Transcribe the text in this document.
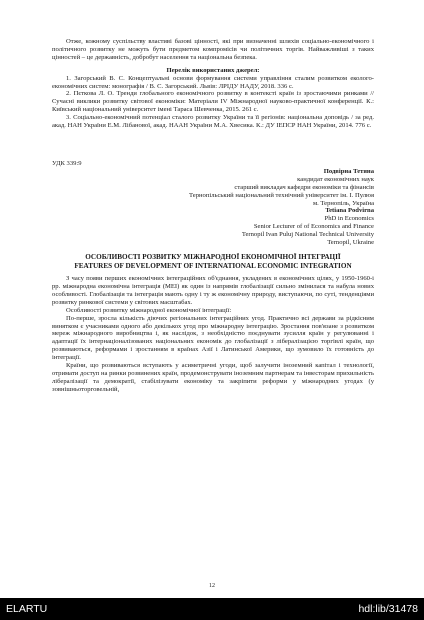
Отже, кожному суспільству властиві базові цінності, які при визначенні шляхів соціально-економічного і політичного розвитку не можуть бути предметом компромісів чи політичних торгів. Найважливіші з таких цінностей – це державність, добробут населення та національна безпека.

Перелік використаних джерел:

1. Загорський В. С. Концептуальні основи формування системи управління сталим розвитком еколого-економічних систем: монографія / В. С. Загорський. Львів: ЛРІДУ НАДУ, 2018. 336 с.

2. Пєткова Л. О. Тренди глобального економічного розвитку в контексті країн із зростаючими ринками // Сучасні виклики розвитку світової економіки: Матеріали IV Міжнародної науково-практичної конференції. К.: Київський національний університет імені Тараса Шевченка, 2015. 261 с.

3. Соціально-економічний потенціал сталого розвитку України та її регіонів: національна доповідь / за ред. акад. НАН України Е.М. Лібанової, акад. НААН України М.А. Хвесика. К.: ДУ ІЕПСР НАН України, 2014. 776 с.

УДК 339:9

Подвірна Тетяна

кандидат економічних наук

старший викладач кафедри економіки та фінансів

Тернопільський національний технічний університет ім. І. Пулюя

м. Тернопіль, Україна

Tetiana Podvirna

PhD in Economics

Senior Lecturer of of Economics and Finance

Ternopil Ivan Puluj National Technical University

Ternopil, Ukraine

ОСОБЛИВОСТІ РОЗВИТКУ МІЖНАРОДНОЇ ЕКОНОМІЧНОЇ ІНТЕГРАЦІЇ

FEATURES OF DEVELOPMENT OF INTERNATIONAL ECONOMIC INTEGRATION

З часу появи перших економічних інтеграційних об'єднання, укладених в економічних цілях, у 1950-1960-і рр. міжнародна економічна інтеграція (МЕІ) як один із напрямів глобалізації сильно змінилася та набула нових особливості. Глобалізація та інтеграція мають одну і ту ж економічну природу, виступаючи, по суті, тенденціями розвитку ринкової системи у світових масштабах.

Особливості розвитку міжнародної економічної інтеграції:

По-перше, зросла кількість діючих регіональних інтеграційних угод. Практично всі держави за рідкісним винятком є учасниками одного або декількох угод про міжнародну інтеграцію. Зростання пов'язане з розвитком мереж міжнародного виробництва і, як наслідок, з необхідністю поєднувати зусилля країн у регулюванні і адаптації їх інтернаціоналізованих національних економік до глобалізації з лібералізацією торгівлі країн, що розвиваються, реформами і зростанням в країнах Азії і Латинської Америки, що зумовило їх готовність до інтеграції.

Країни, що розвиваються вступають у асиметричні угоди, щоб залучити іноземний капітал і технології, отримати доступ на ринки розвинених країн, продемонструвати іноземним партнерам та інвесторам прихильність лібералізації та демократії, стабілізувати економіку та закріпити реформи у міжнародних угодах (у зовнішньоторговельній,

12
ELARTU	hdl:lib/31478
